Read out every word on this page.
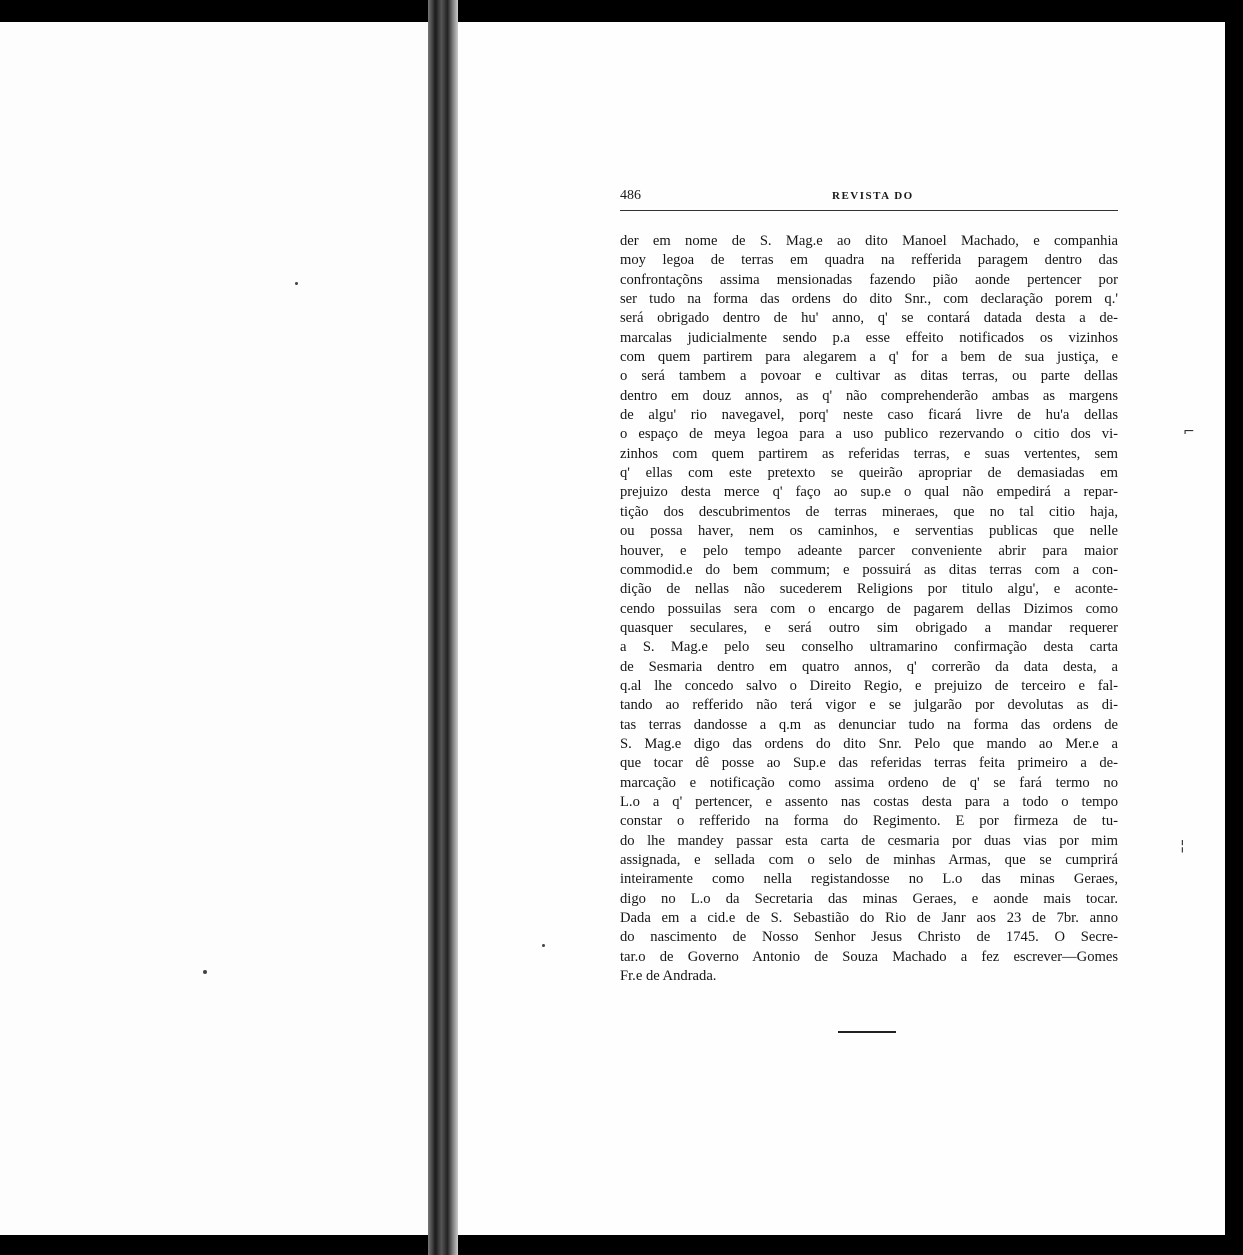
⌐
¦
486	REVISTA DO
der em nome de S. Mag.e ao dito Manoel Machado, e companhia
moy legoa de terras em quadra na refferida paragem dentro das
confrontaçõns assima mensionadas fazendo pião aonde pertencer por
ser tudo na forma das ordens do dito Snr., com declaração porem q.'
será obrigado dentro de hu' anno, q' se contará datada desta a de-
marcalas judicialmente sendo p.a esse effeito notificados os vizinhos
com quem partirem para alegarem a q' for a bem de sua justiça, e
o será tambem a povoar e cultivar as ditas terras, ou parte dellas
dentro em douz annos, as q' não comprehenderão ambas as margens
de algu' rio navegavel, porq' neste caso ficará livre de hu'a dellas
o espaço de meya legoa para a uso publico rezervando o citio dos vi-
zinhos com quem partirem as referidas terras, e suas vertentes, sem
q' ellas com este pretexto se queirão apropriar de demasiadas em
prejuizo desta merce q' faço ao sup.e o qual não empedirá a repar-
tição dos descubrimentos de terras mineraes, que no tal citio haja,
ou possa haver, nem os caminhos, e serventias publicas que nelle
houver, e pelo tempo adeante parcer conveniente abrir para maior
commodid.e do bem commum; e possuirá as ditas terras com a con-
dição de nellas não sucederem Religions por titulo algu', e aconte-
cendo possuilas sera com o encargo de pagarem dellas Dizimos como
quasquer seculares, e será outro sim obrigado a mandar requerer
a S. Mag.e pelo seu conselho ultramarino confirmação desta carta
de Sesmaria dentro em quatro annos, q' correrão da data desta, a
q.al lhe concedo salvo o Direito Regio, e prejuizo de terceiro e fal-
tando ao refferido não terá vigor e se julgarão por devolutas as di-
tas terras dandosse a q.m as denunciar tudo na forma das ordens de
S. Mag.e digo das ordens do dito Snr. Pelo que mando ao Mer.e a
que tocar dê posse ao Sup.e das referidas terras feita primeiro a de-
marcação e notificação como assima ordeno de q' se fará termo no
L.o a q' pertencer, e assento nas costas desta para a todo o tempo
constar o refferido na forma do Regimento. E por firmeza de tu-
do lhe mandey passar esta carta de cesmaria por duas vias por mim
assignada, e sellada com o selo de minhas Armas, que se cumprirá
inteiramente como nella registandosse no L.o das minas Geraes,
digo no L.o da Secretaria das minas Geraes, e aonde mais tocar.
Dada em a cid.e de S. Sebastião do Rio de Janr aos 23 de 7br. anno
do nascimento de Nosso Senhor Jesus Christo de 1745. O Secre-
tar.o de Governo Antonio de Souza Machado a fez escrever—Gomes
Fr.e de Andrada.
